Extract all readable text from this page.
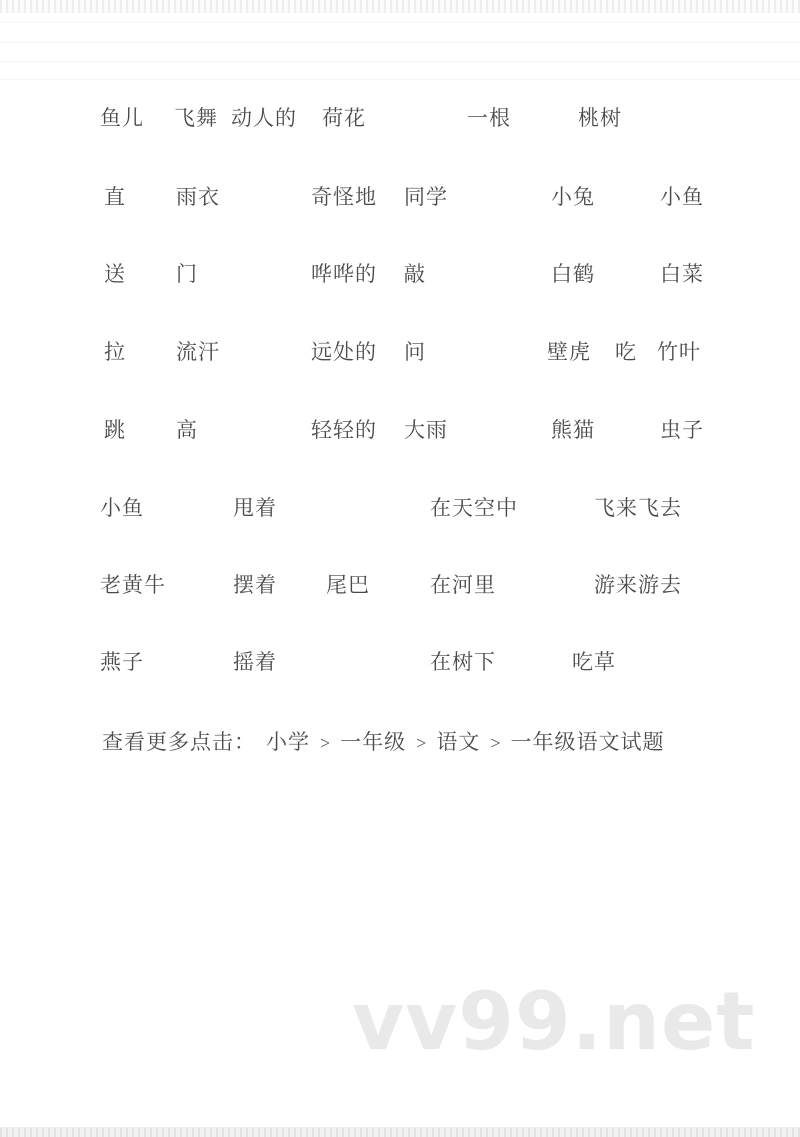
vv99.net
鱼儿 飞舞 动人的 荷花	一根	桃树
直 雨衣	奇怪地 同学	小兔	小鱼
送 门	哗哗的 敲	白鹤	白菜
拉 流汗	远处的 问	壁虎 吃 竹叶
跳 高	轻轻的 大雨	熊猫	虫子
小鱼	甩着	在天空中	飞来飞去
老黄牛	摆着 尾巴	在河里	游来游去
燕子	摇着	在树下	吃草
查看更多点击： 小学 > 一年级 > 语文 > 一年级语文试题
